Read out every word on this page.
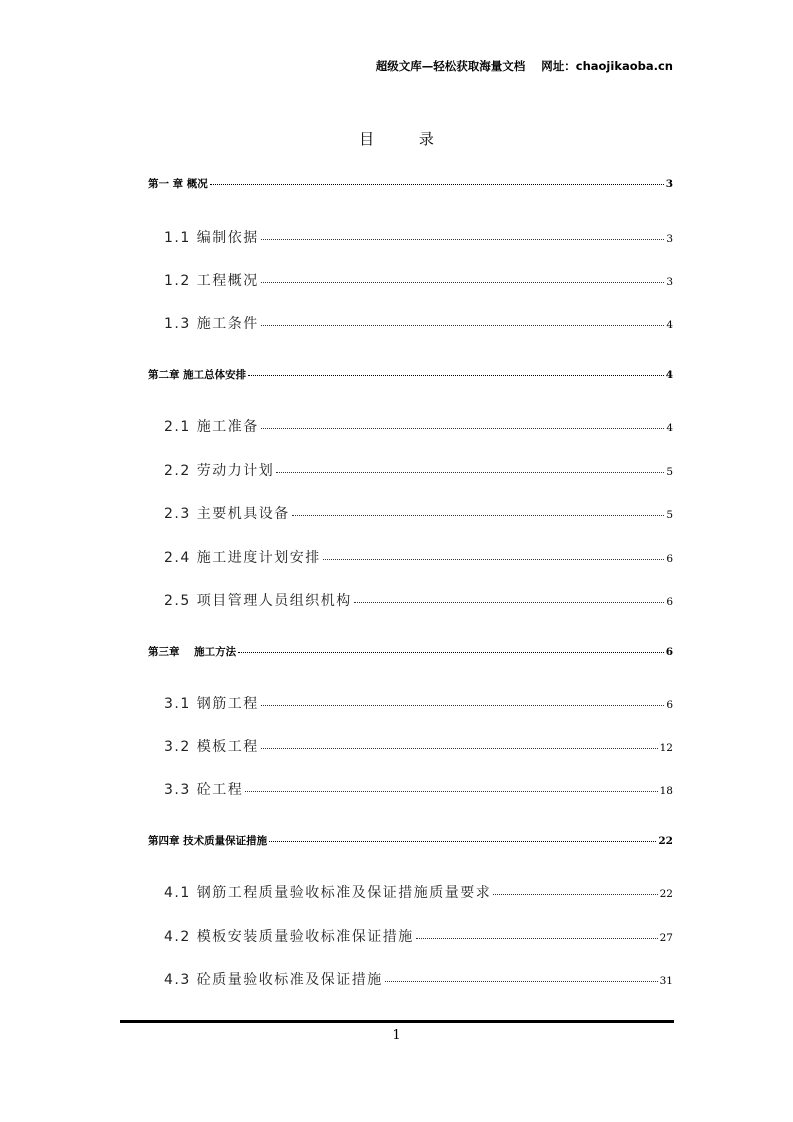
超级文库—轻松获取海量文档 网址：chaojikaoba.cn
目 录
第一 章 概况	3
1.1 编制依据	3
1.2 工程概况	3
1.3 施工条件	4
第二章 施工总体安排	4
2.1 施工准备	4
2.2 劳动力计划	5
2.3 主要机具设备	5
2.4 施工进度计划安排	6
2.5 项目管理人员组织机构	6
第三章    施工方法	6
3.1 钢筋工程	6
3.2 模板工程	12
3.3 砼工程	18
第四章 技术质量保证措施	22
4.1 钢筋工程质量验收标准及保证措施质量要求	22
4.2 模板安装质量验收标准保证措施	27
4.3 砼质量验收标准及保证措施	31
1
